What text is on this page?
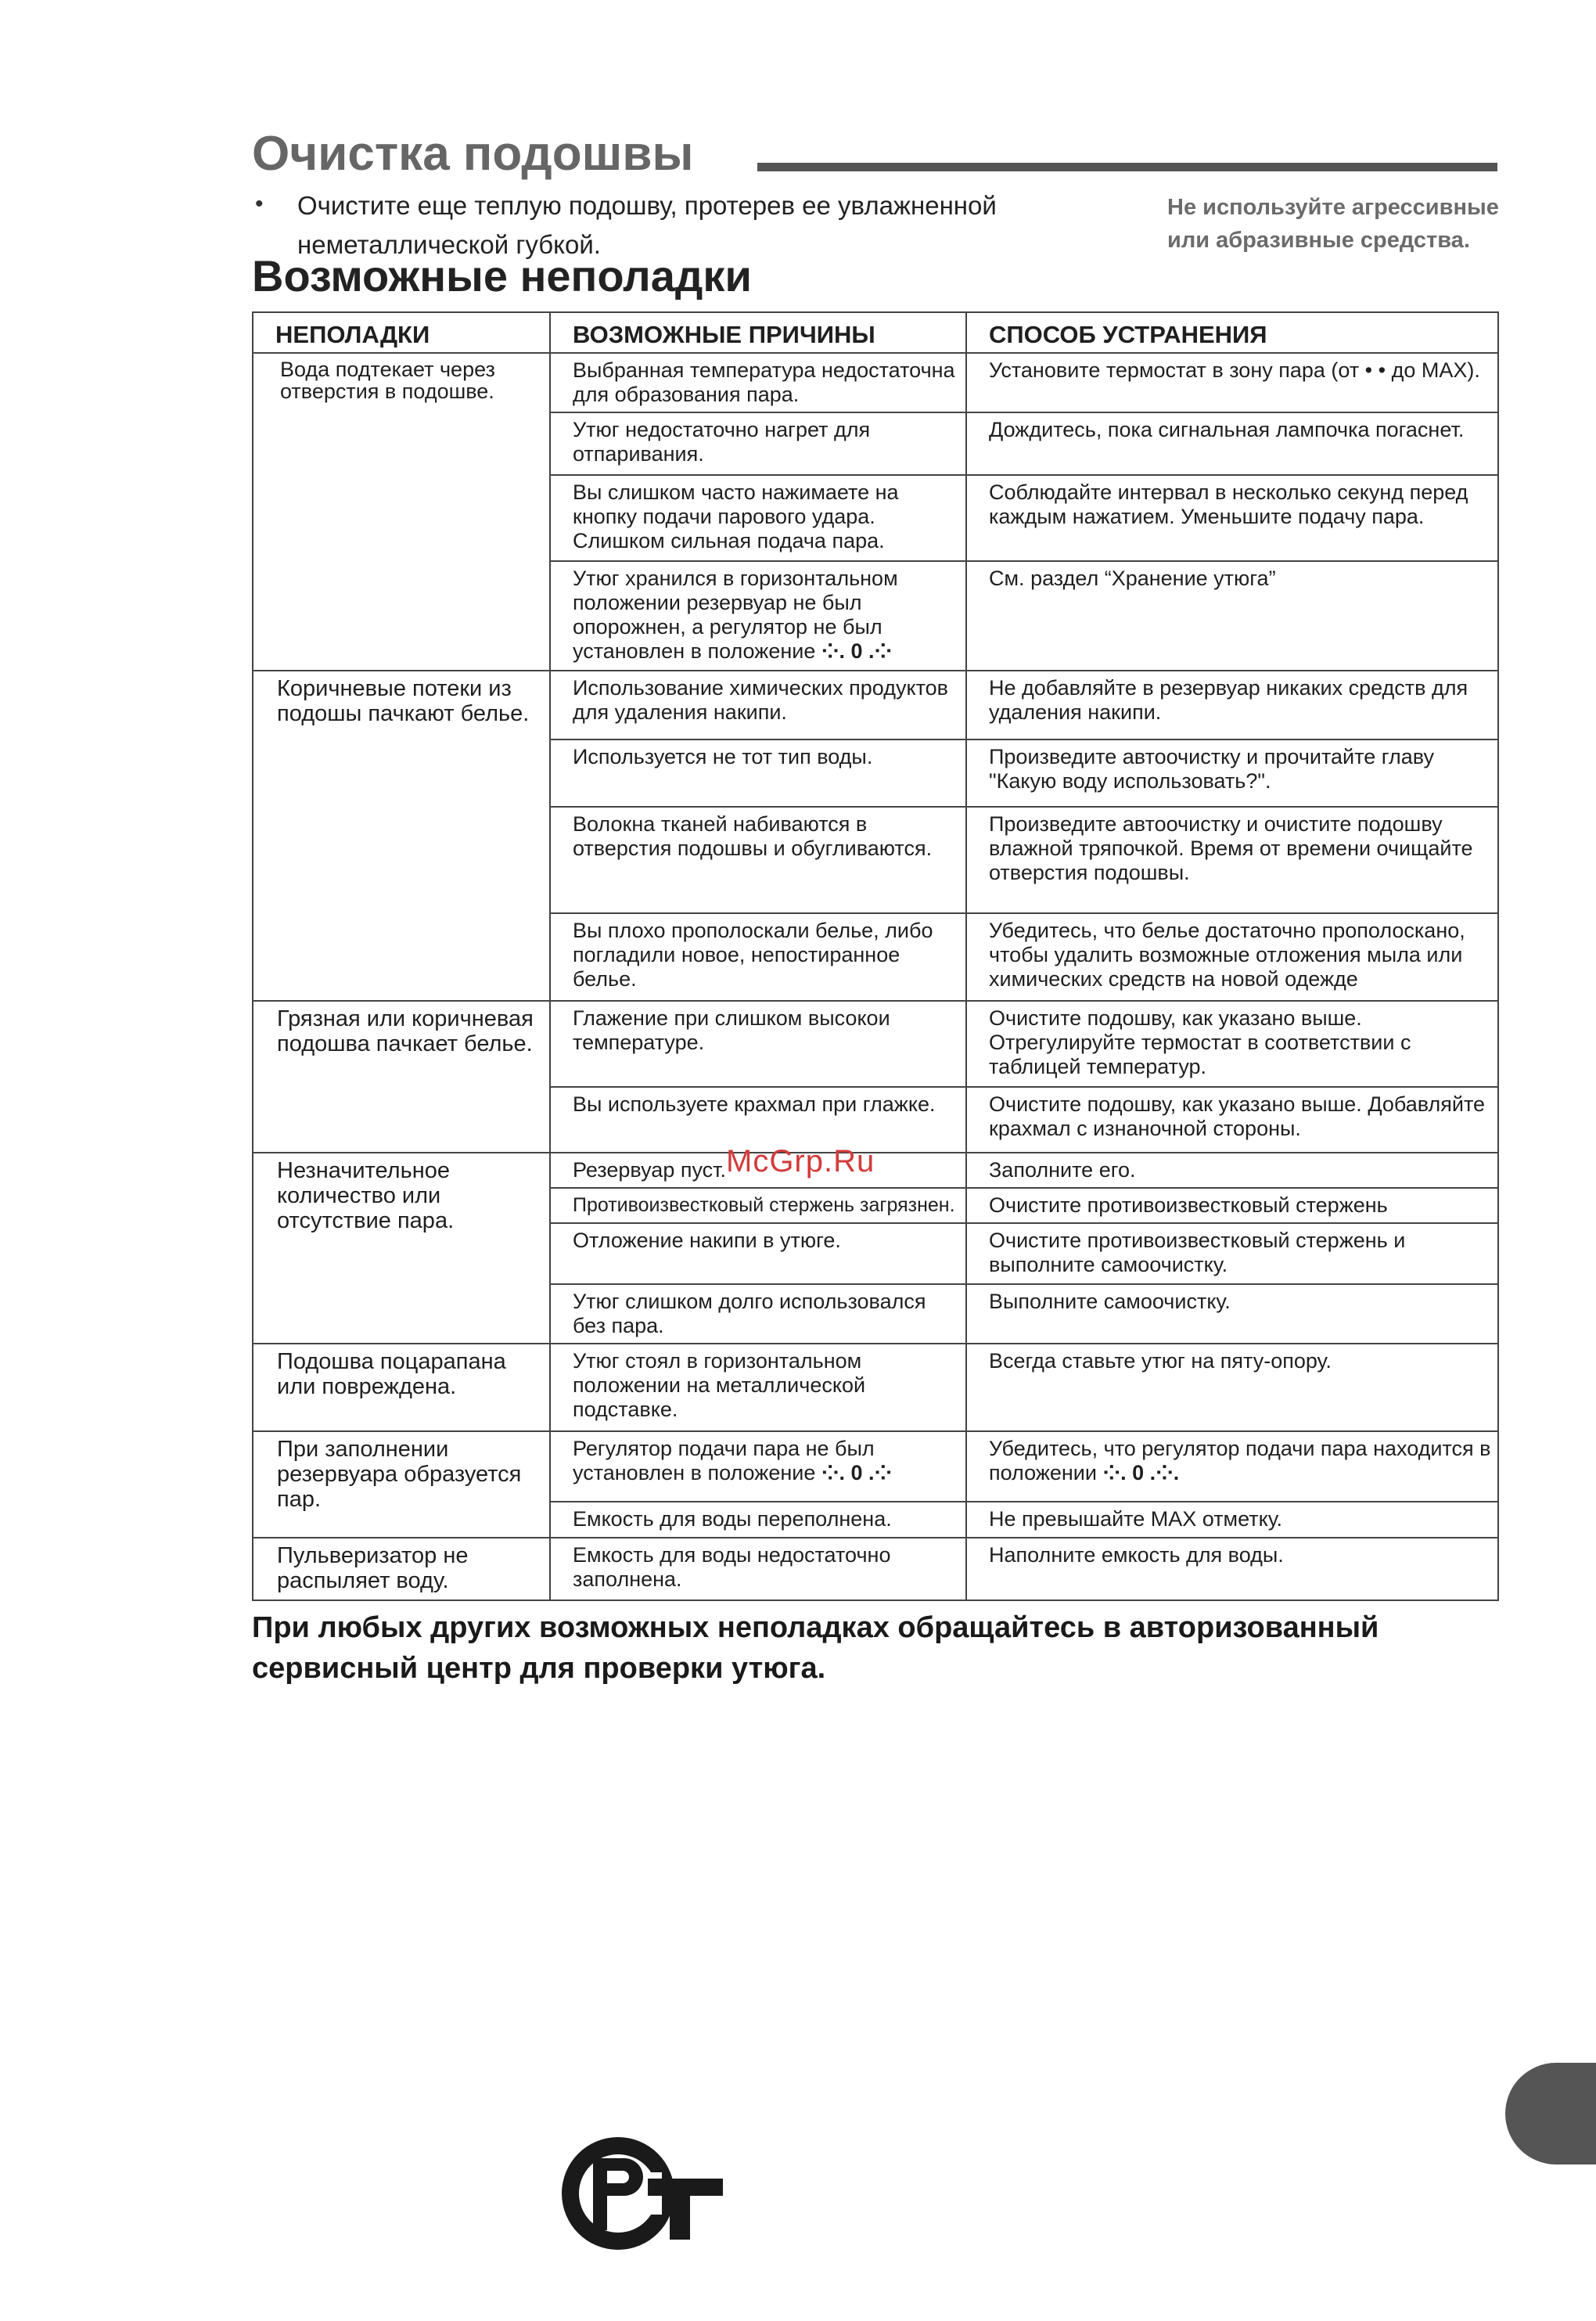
Очистка подошвы
• Очистите еще теплую подошву, протерев ее увлажненной неметаллической губкой.
Не используйте агрессивные или абразивные средства.
Возможные неполадки
НЕПОЛАДКИ	ВОЗМОЖНЫЕ ПРИЧИНЫ	СПОСОБ УСТРАНЕНИЯ
Вода подтекает через отверстия в подошве.	Выбранная температура недостаточна для образования пара.	Установите термостат в зону пара (от • • до MAX).
	Утюг недостаточно нагрет для отпаривания.	Дождитесь, пока сигнальная лампочка погаснет.
	Вы слишком часто нажимаете на кнопку подачи парового удара. Слишком сильная подача пара.	Соблюдайте интервал в несколько секунд перед каждым нажатием. Уменьшите подачу пара.
	Утюг хранился в горизонтальном положении резервуар не был опорожнен, а регулятор не был установлен в положение ⁘. 0 .⁘	См. раздел “Хранение утюга”
Коричневые потеки из подошы пачкают белье.	Использование химических продуктов для удаления накипи.	Не добавляйте в резервуар никаких средств для удаления накипи.
	Используется не тот тип воды.	Произведите автоочистку и прочитайте главу "Какую воду использовать?".
	Волокна тканей набиваются в отверстия подошвы и обугливаются.	Произведите автоочистку и очистите подошву влажной тряпочкой. Время от времени очищайте отверстия подошвы.
	Вы плохо прополоскали белье, либо погладили новое, непостиранное белье.	Убедитесь, что белье достаточно прополоскано, чтобы удалить возможные отложения мыла или химических средств на новой одежде
Грязная или коричневая подошва пачкает белье.	Глажение при слишком высокои температуре.	Очистите подошву, как указано выше. Отрегулируйте термостат в соответствии с таблицей температур.
	Вы используете крахмал при глажке.	Очистите подошву, как указано выше. Добавляйте крахмал с изнаночной стороны.
Незначительное количество или отсутствие пара.	Резервуар пуст.	Заполните его.
	Противоизвестковый стержень загрязнен.	Очистите противоизвестковый стержень
	Отложение накипи в утюге.	Очистите противоизвестковый стержень и выполните самоочистку.
	Утюг слишком долго использовался без пара.	Выполните самоочистку.
Подошва поцарапана или повреждена.	Утюг стоял в горизонтальном положении на металлической подставке.	Всегда ставьте утюг на пяту-опору.
При заполнении резервуара образуется пар.	Регулятор подачи пара не был установлен в положение ⁘. 0 .⁘	Убедитесь, что регулятор подачи пара находится в положении ⁘. 0 .⁘.
	Емкость для воды переполнена.	Не превышайте MAX отметку.
Пульверизатор не распыляет воду.	Емкость для воды недостаточно заполнена.	Наполните емкость для воды.
McGrp.Ru
При любых других возможных неполадках обращайтесь в авторизованный сервисный центр для проверки утюга.
